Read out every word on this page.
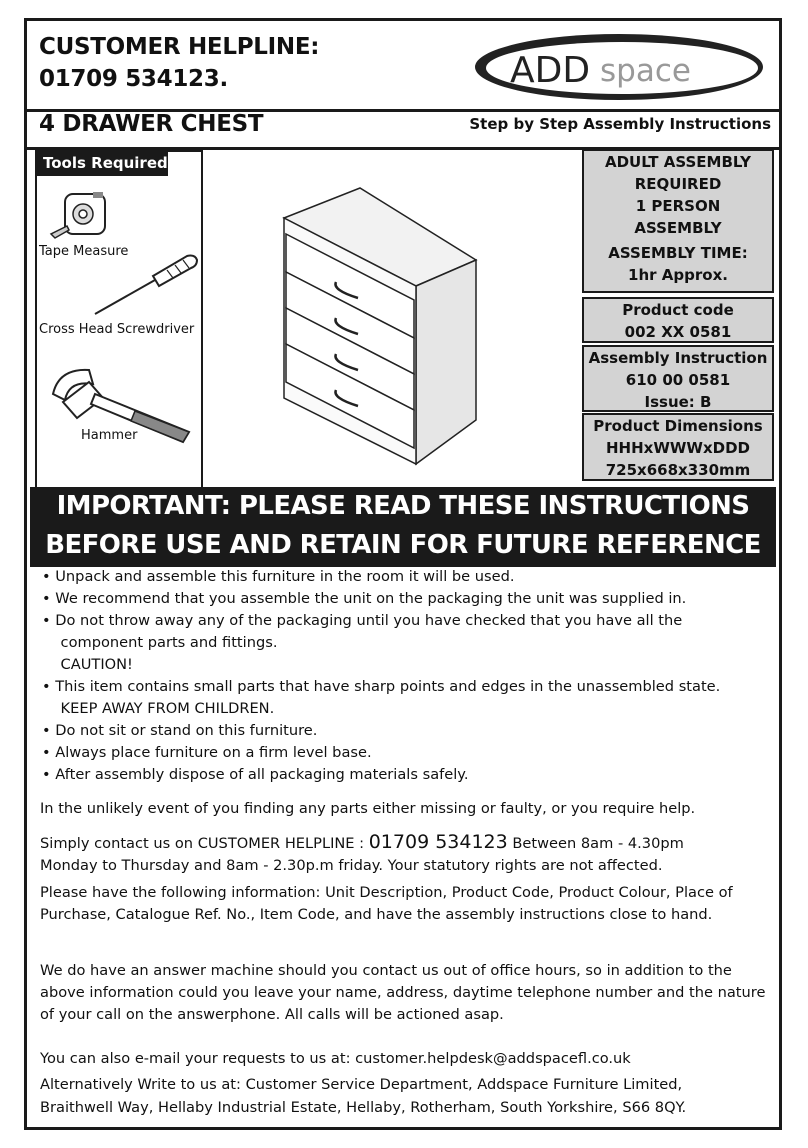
CUSTOMER HELPLINE:
01709 534123.	ADD space
4 DRAWER CHEST	Step by Step Assembly Instructions
Tools Required
Tape Measure
Cross Head Screwdriver
Hammer
ADULT ASSEMBLY
REQUIRED
1 PERSON
ASSEMBLY
ASSEMBLY TIME:
1hr Approx.
Product code
002 XX 0581
Assembly Instruction
610 00 0581
Issue: B
Product Dimensions
HHHxWWWxDDD
725x668x330mm
IMPORTANT: PLEASE READ THESE INSTRUCTIONS
BEFORE USE AND RETAIN FOR FUTURE REFERENCE
• Unpack and assemble this furniture in the room it will be used.
• We recommend that you assemble the unit on the packaging the unit was supplied in.
• Do not throw away any of the packaging until you have checked that you have all the
component parts and fittings.
CAUTION!
• This item contains small parts that have sharp points and edges in the unassembled state.
KEEP AWAY FROM CHILDREN.
• Do not sit or stand on this furniture.
• Always place furniture on a firm level base.
• After assembly dispose of all packaging materials safely.
In the unlikely event of you finding any parts either missing or faulty, or you require help.
Simply contact us on CUSTOMER HELPLINE : 01709 534123 Between 8am - 4.30pm
Monday to Thursday and 8am - 2.30p.m friday. Your statutory rights are not affected.
Please have the following information: Unit Description, Product Code, Product Colour, Place of Purchase, Catalogue Ref. No., Item Code, and have the assembly instructions close to hand.
We do have an answer machine should you contact us out of office hours, so in addition to the above information could you leave your name, address, daytime telephone number and the nature of your call on the answerphone. All calls will be actioned asap.
You can also e-mail your requests to us at: customer.helpdesk@addspacefl.co.uk
Alternatively Write to us at: Customer Service Department, Addspace Furniture Limited,
Braithwell Way, Hellaby Industrial Estate, Hellaby, Rotherham, South Yorkshire, S66 8QY.
